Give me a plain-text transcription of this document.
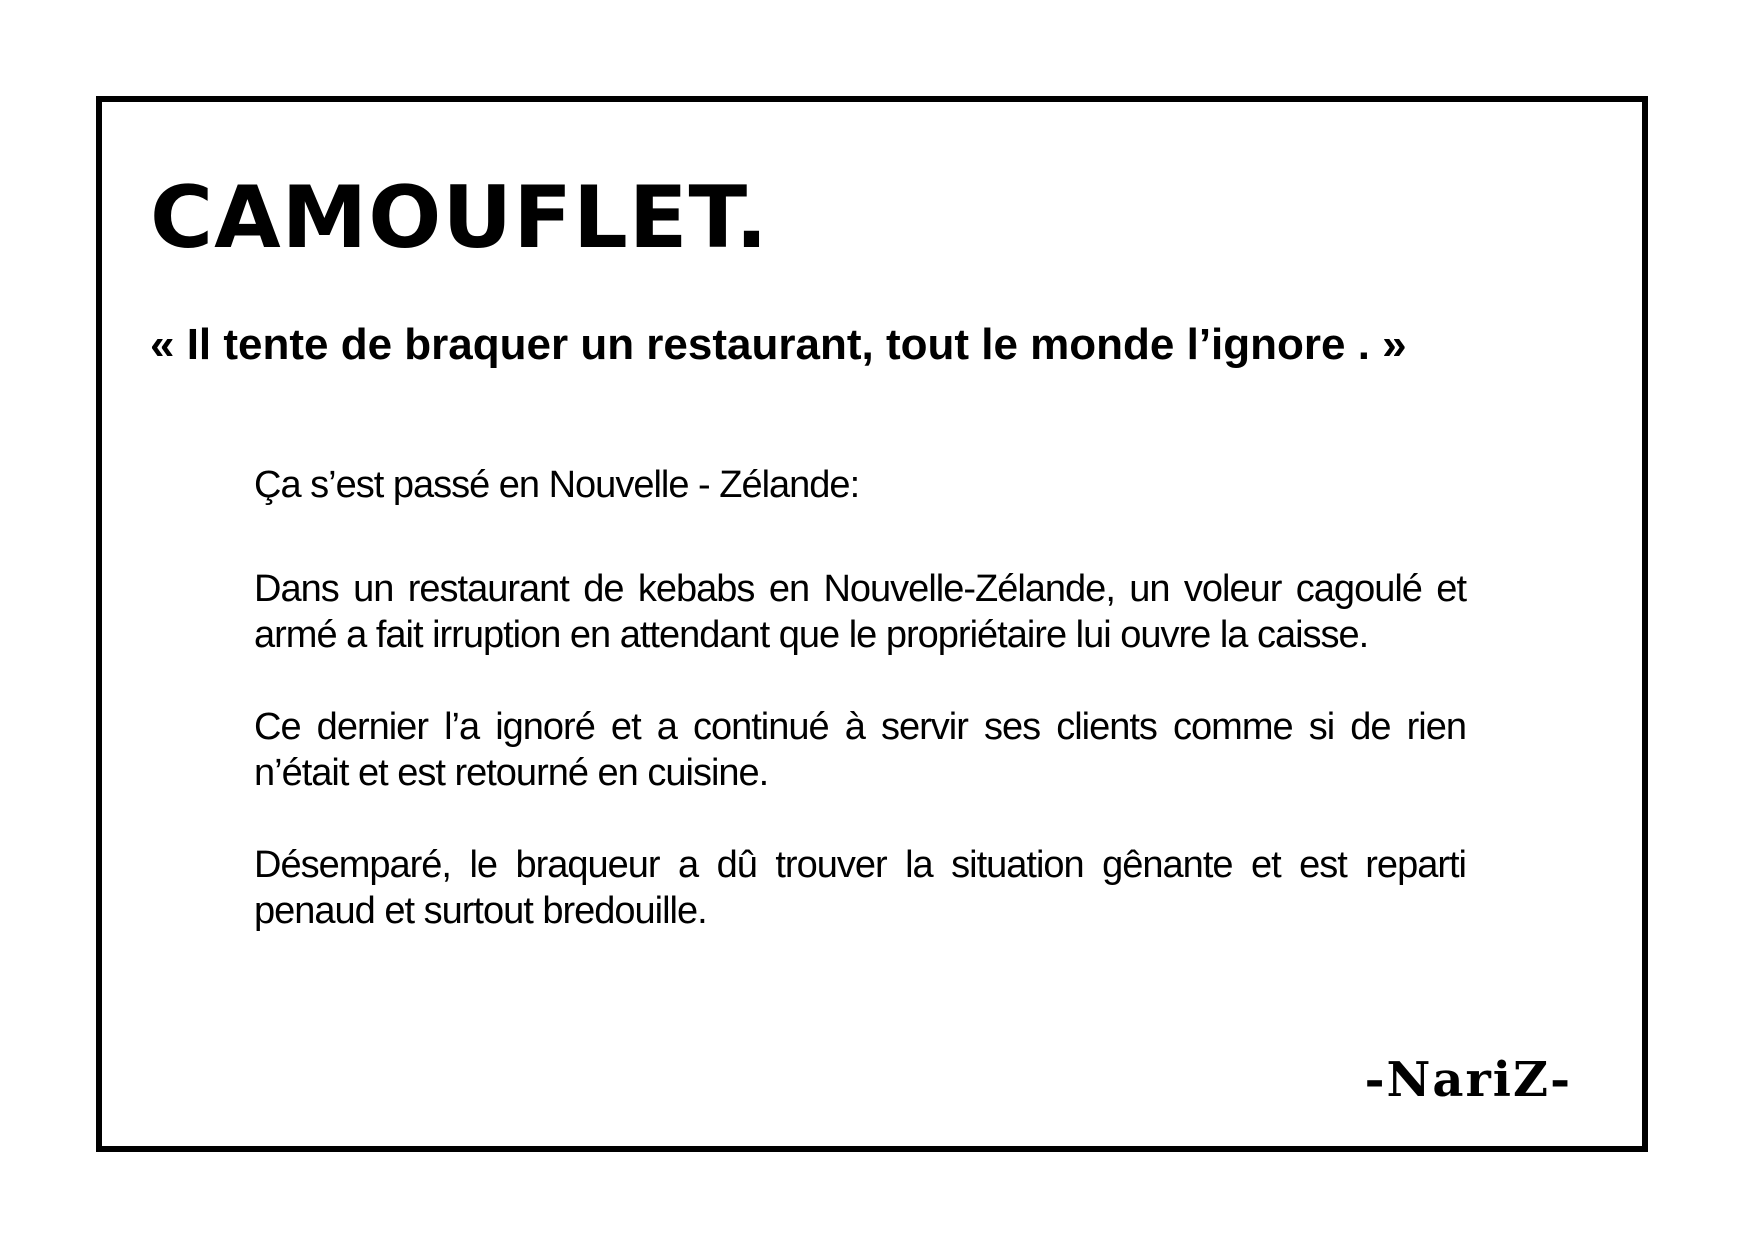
CAMOUFLET.
« Il tente de braquer un restaurant, tout le monde l’ignore . »

Ça s’est passé en Nouvelle - Zélande:

Dans un restaurant de kebabs en Nouvelle-Zélande, un voleur cagoulé et armé a fait irruption en attendant que le propriétaire lui ouvre la caisse.

Ce dernier l’a ignoré et a continué à servir ses clients comme si de rien n’était et est retourné en cuisine.

Désemparé, le braqueur a dû trouver la situation gênante et est reparti penaud et surtout bredouille.

-NariZ-
